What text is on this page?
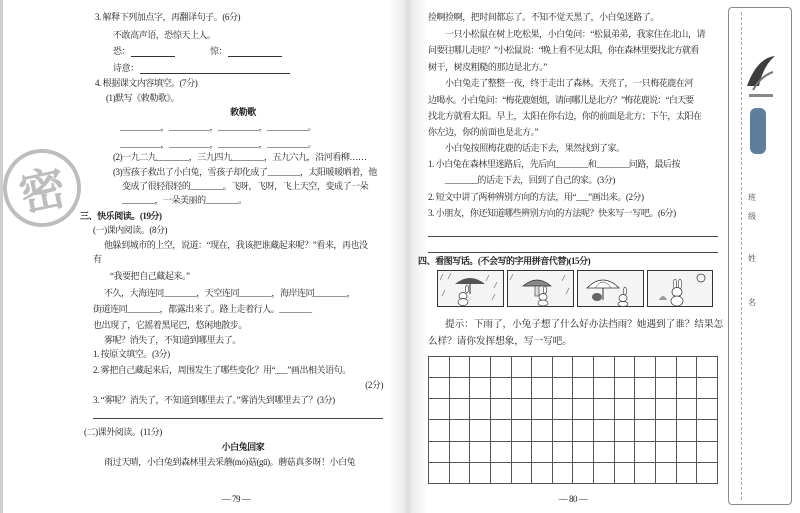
密
3. 解释下列加点字，再翻译句子。(6分)
不敢高声语，恐惊天上人。
恐：	惊：
诗意：
4. 根据课文内容填空。(7分)
(1)默写《敕勒歌》。
敕勒歌
__________，__________，__________，__________。
__________，__________，__________，__________。
(2)一九二九________，三九四九________，五九六九，沿河看柳……
(3)雪孩子救出了小白兔，雪孩子却化成了________，太阳暖暖晒着，他
变成了很轻很轻的________。飞呀，飞呀，飞上天空，变成了一朵
________，一朵美丽的________。
三、快乐阅读。(19分)
(一)课内阅读。(8分)
他躲到城市的上空，说道：“现在，我该把谁藏起来呢？”看来，再也没
有
“我要把自己藏起来。”
不久，大海连同________，天空连同________，海岸连同________，
街道连同________，都露出来了。路上走着行人。________
也出现了，它摇着黑尾巴，悠闲地散步。
雾呢？消失了，不知道到哪里去了。
1. 按原文填空。(3分)
2. 雾把自己藏起来后，周围发生了哪些变化？用“___”画出相关语句。
(2分)
3. “雾呢？消失了，不知道到哪里去了。”雾消失到哪里去了？(3分)
(二)课外阅读。(11分)
小白兔回家
雨过天晴，小白兔到森林里去采蘑(mó)菇(gū)。蘑菇真多呀！小白兔
— 79 —
捡啊捡啊，把时间都忘了。不知不觉天黑了，小白兔迷路了。
一只小松鼠在树上吃松果，小白兔问：“松鼠弟弟，我家住在北山，请
问要往哪儿走哇？”小松鼠说：“晚上看不见太阳，你在森林里要找北方就看
树干，树皮粗糙的那边是北方。”
小白兔走了整整一夜，终于走出了森林。天亮了，一只梅花鹿在河
边喝水。小白兔问：“梅花鹿姐姐，请问哪儿是北方？”梅花鹿说：“白天要
找北方就看太阳。早上，太阳在你右边，你的前面是北方；下午，太阳在
你左边，你的前面也是北方。”
小白兔按照梅花鹿的话走下去，果然找到了家。
1. 小白兔在森林里迷路后，先后向________和________问路，最后按
________的话走下去，回到了自己的家。(3分)
2. 短文中讲了两种辨别方向的方法，用“___”画出来。(2分)
3. 小朋友，你还知道哪些辨别方向的方法呢？快来写一写吧。(6分)
四、看图写话。(不会写的字用拼音代替)(15分)
提示：下雨了，小兔子想了什么好办法挡雨？她遇到了谁？结果怎
么样？请你发挥想象，写一写吧。
— 80 —
班
级
姓
名
